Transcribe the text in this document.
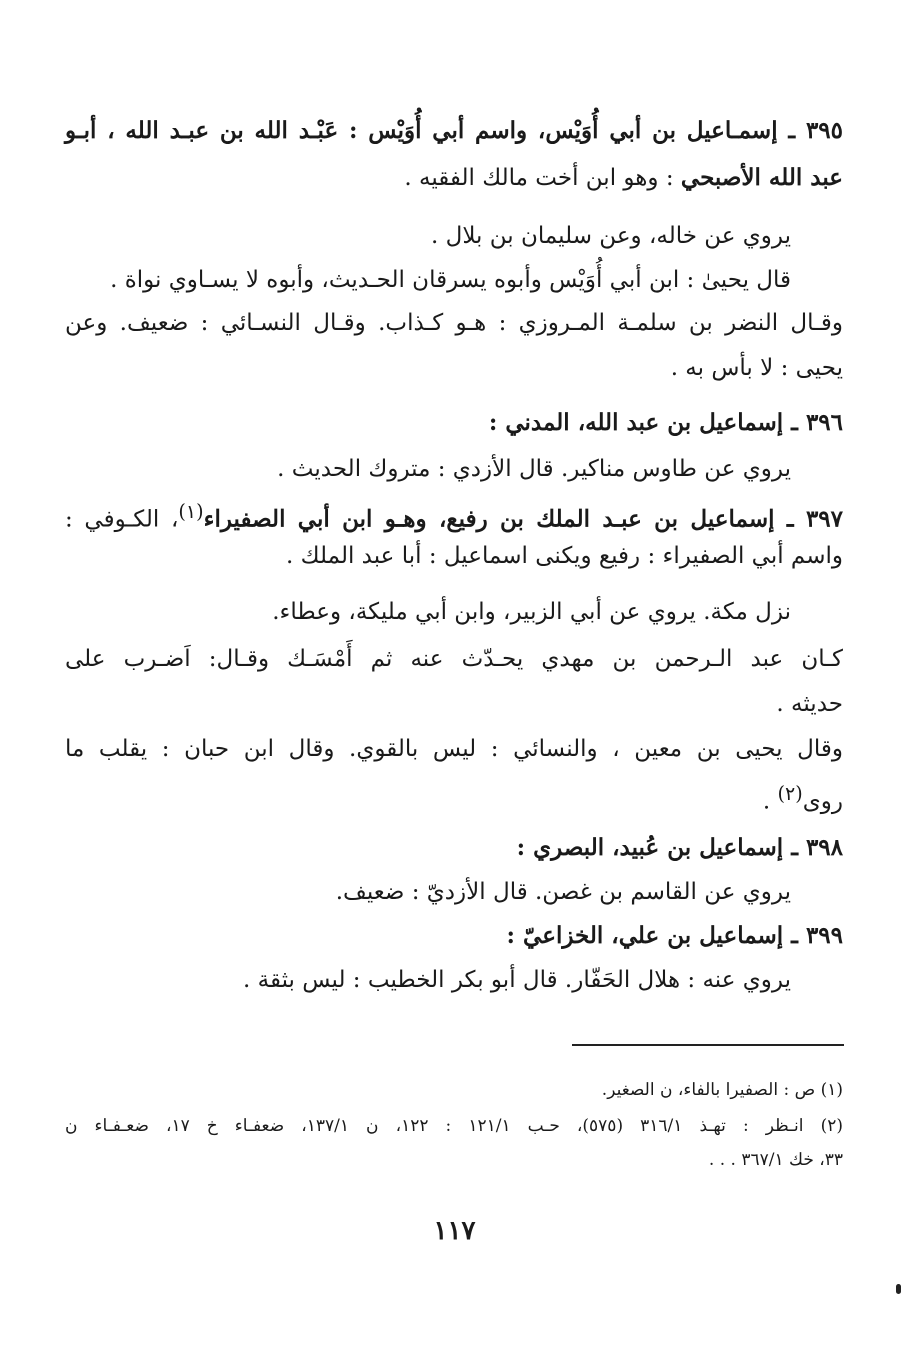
٣٩٥ ـ إسمـاعيل بن أبي أُوَيْس، واسم أبي أُوَيْس : عَبْـد الله بن عبـد الله ، أبـو
عبد الله الأصبحي : وهو ابن أخت مالك الفقيه .
يروي عن خاله، وعن سليمان بن بلال .
قال يحيىٰ : ابن أبي أُوَيْس وأبوه يسرقان الحـديث، وأبوه لا يسـاوي نواة .
وقـال النضر بن سلمـة المـروزي : هـو كـذاب. وقـال النسـائي : ضعيف. وعن
يحيى : لا بأس به .
٣٩٦ ـ إسماعيل بن عبد الله، المدني :
يروي عن طاوس مناكير. قال الأزدي : متروك الحديث .
٣٩٧ ـ إسماعيل بن عبـد الملك بن رفيع، وهـو ابن أبي الصفيراء$^{(١)}$، الكـوفي :
واسم أبي الصفيراء : رفيع ويكنى اسماعيل : أبا عبد الملك .
نزل مكة. يروي عن أبي الزبير، وابن أبي مليكة، وعطاء.
كـان عبد الـرحمن بن مهدي يحـدّث عنه ثم أَمْسَـك وقـال: اَضـرب على
حديثه .
وقال يحيى بن معين ، والنسائي : ليس بالقوي. وقال ابن حبان : يقلب ما
روى$^{(٢)}$ .
٣٩٨ ـ إسماعيل بن عُبيد، البصري :
يروي عن القاسم بن غصن. قال الأزديّ : ضعيف.
٣٩٩ ـ إسماعيل بن علي، الخزاعيّ :
يروي عنه : هلال الحَفّار. قال أبو بكر الخطيب : ليس بثقة .
(١) ص : الصفيرا بالفاء، ن الصغير.
(٢) انـظر : تهـذ ٣١٦/١ (٥٧٥)، حـب ١٢١/١ : ١٢٢، ن ١٣٧/١، ضعفـاء خ ١٧، ضعـفـاء ن
٣٣، خك ٣٦٧/١ . . .
١١٧
